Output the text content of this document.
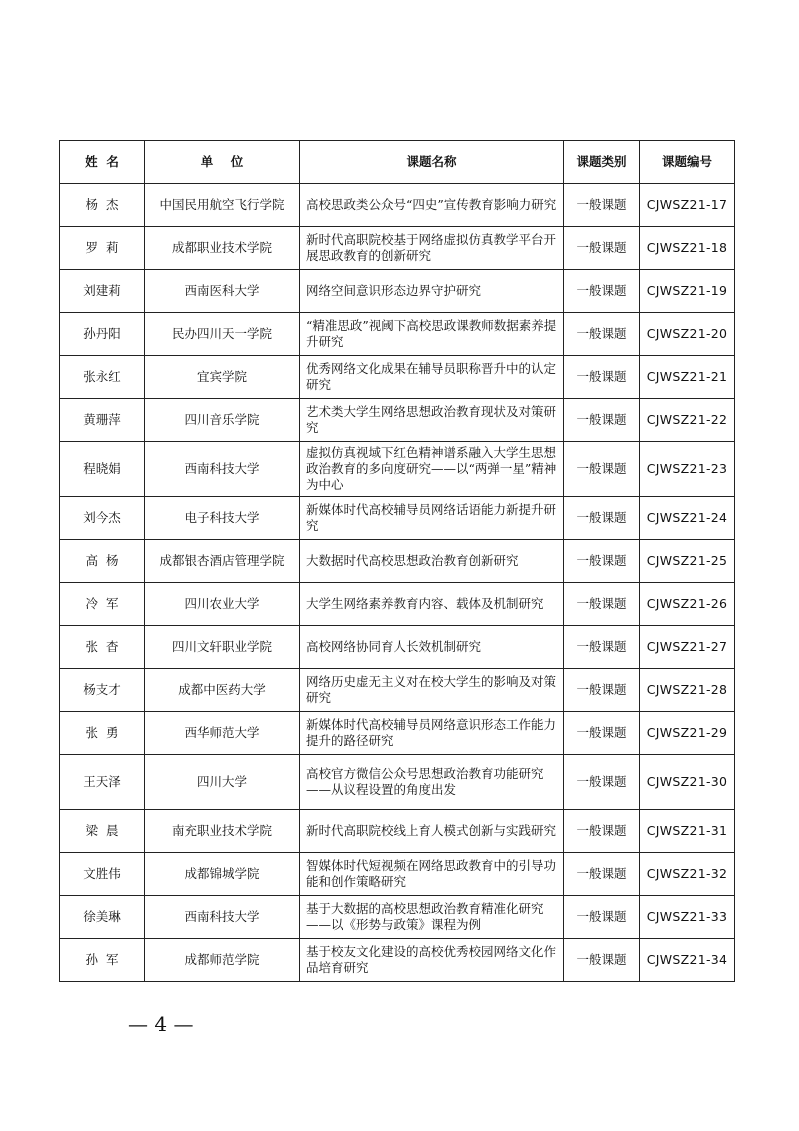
姓  名	单    位	课题名称	课题类别	课题编号
杨  杰	中国民用航空飞行学院	高校思政类公众号“四史”宣传教育影响力研究	一般课题	CJWSZ21-17
罗  莉	成都职业技术学院	新时代高职院校基于网络虚拟仿真教学平台开展思政教育的创新研究	一般课题	CJWSZ21-18
刘建莉	西南医科大学	网络空间意识形态边界守护研究	一般课题	CJWSZ21-19
孙丹阳	民办四川天一学院	“精准思政”视阈下高校思政课教师数据素养提升研究	一般课题	CJWSZ21-20
张永红	宜宾学院	优秀网络文化成果在辅导员职称晋升中的认定研究	一般课题	CJWSZ21-21
黄珊萍	四川音乐学院	艺术类大学生网络思想政治教育现状及对策研究	一般课题	CJWSZ21-22
程晓娟	西南科技大学	虚拟仿真视域下红色精神谱系融入大学生思想政治教育的多向度研究——以“两弹一星”精神为中心	一般课题	CJWSZ21-23
刘今杰	电子科技大学	新媒体时代高校辅导员网络话语能力新提升研究	一般课题	CJWSZ21-24
高  杨	成都银杏酒店管理学院	大数据时代高校思想政治教育创新研究	一般课题	CJWSZ21-25
冷  军	四川农业大学	大学生网络素养教育内容、载体及机制研究	一般课题	CJWSZ21-26
张  杳	四川文轩职业学院	高校网络协同育人长效机制研究	一般课题	CJWSZ21-27
杨支才	成都中医药大学	网络历史虚无主义对在校大学生的影响及对策研究	一般课题	CJWSZ21-28
张  勇	西华师范大学	新媒体时代高校辅导员网络意识形态工作能力提升的路径研究	一般课题	CJWSZ21-29
王天泽	四川大学	高校官方微信公众号思想政治教育功能研究——从议程设置的角度出发	一般课题	CJWSZ21-30
梁  晨	南充职业技术学院	新时代高职院校线上育人模式创新与实践研究	一般课题	CJWSZ21-31
文胜伟	成都锦城学院	智媒体时代短视频在网络思政教育中的引导功能和创作策略研究	一般课题	CJWSZ21-32
徐美琳	西南科技大学	基于大数据的高校思想政治教育精准化研究——以《形势与政策》课程为例	一般课题	CJWSZ21-33
孙  军	成都师范学院	基于校友文化建设的高校优秀校园网络文化作品培育研究	一般课题	CJWSZ21-34
— 4 —
